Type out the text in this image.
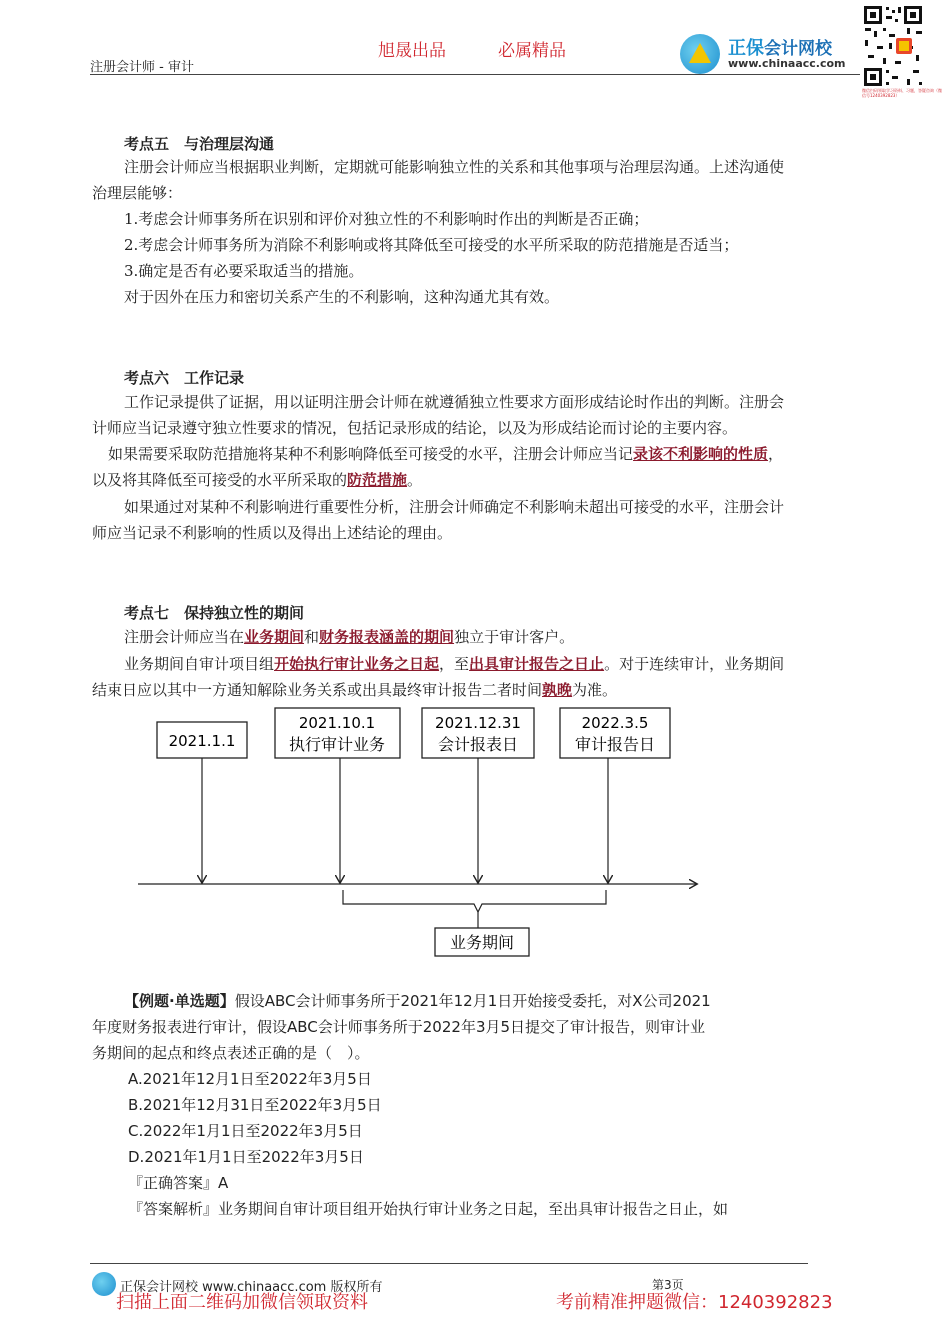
注册会计师 - 审计
旭晟出品	必属精品	正保会计网校
www.chinaacc.com
微信扫码领取学习资料、习题，答疑咨询（微信号1240392823）
考点五　与治理层沟通
注册会计师应当根据职业判断，定期就可能影响独立性的关系和其他事项与治理层沟通。上述沟通使
治理层能够：
1.考虑会计师事务所在识别和评价对独立性的不利影响时作出的判断是否正确；
2.考虑会计师事务所为消除不利影响或将其降低至可接受的水平所采取的防范措施是否适当；
3.确定是否有必要采取适当的措施。
对于因外在压力和密切关系产生的不利影响，这种沟通尤其有效。
考点六　工作记录
工作记录提供了证据，用以证明注册会计师在就遵循独立性要求方面形成结论时作出的判断。注册会
计师应当记录遵守独立性要求的情况，包括记录形成的结论，以及为形成结论而讨论的主要内容。
如果需要采取防范措施将某种不利影响降低至可接受的水平，注册会计师应当记录该不利影响的性质，
以及将其降低至可接受的水平所采取的防范措施。
如果通过对某种不利影响进行重要性分析，注册会计师确定不利影响未超出可接受的水平，注册会计
师应当记录不利影响的性质以及得出上述结论的理由。
考点七　保持独立性的期间
注册会计师应当在业务期间和财务报表涵盖的期间独立于审计客户。
业务期间自审计项目组开始执行审计业务之日起，至出具审计报告之日止。对于连续审计，业务期间
结束日应以其中一方通知解除业务关系或出具最终审计报告二者时间孰晚为准。
2021.1.1
2021.10.1
执行审计业务
2021.12.31
会计报表日
2022.3.5
审计报告日
业务期间
【例题·单选题】假设ABC会计师事务所于2021年12月1日开始接受委托，对X公司2021
年度财务报表进行审计，假设ABC会计师事务所于2022年3月5日提交了审计报告，则审计业
务期间的起点和终点表述正确的是（　）。
A.2021年12月1日至2022年3月5日
B.2021年12月31日至2022年3月5日
C.2022年1月1日至2022年3月5日
D.2021年1月1日至2022年3月5日
『正确答案』A
『答案解析』业务期间自审计项目组开始执行审计业务之日起，至出具审计报告之日止，如
正保会计网校 www.chinaacc.com 版权所有	第3页
扫描上面二维码加微信领取资料	考前精准押题微信：1240392823
